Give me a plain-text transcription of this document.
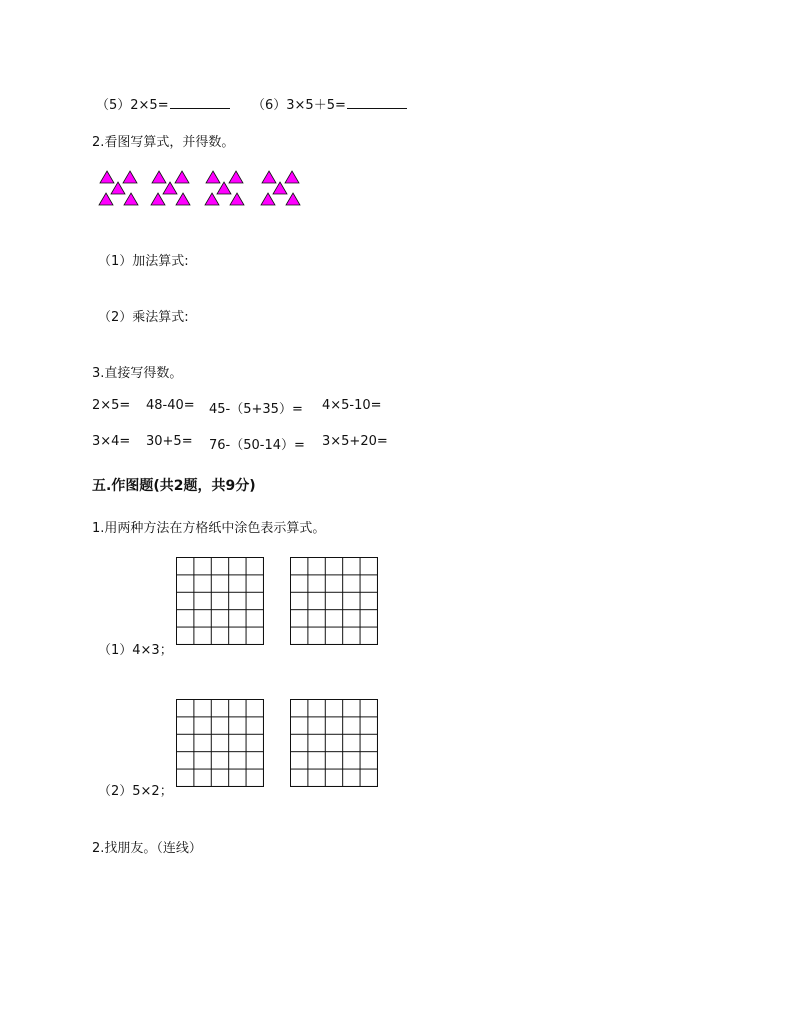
（5）2×5=	（6）3×5＋5=
2.看图写算式，并得数。
（1）加法算式:
（2）乘法算式:
3.直接写得数。
2×5= 48-40= 45-（5+35）= 4×5-10=
3×4= 30+5= 76-（50-14）= 3×5+20=
五.作图题(共2题，共9分)
1.用两种方法在方格纸中涂色表示算式。
（1）4×3；
（2）5×2；
2.找朋友。（连线）
